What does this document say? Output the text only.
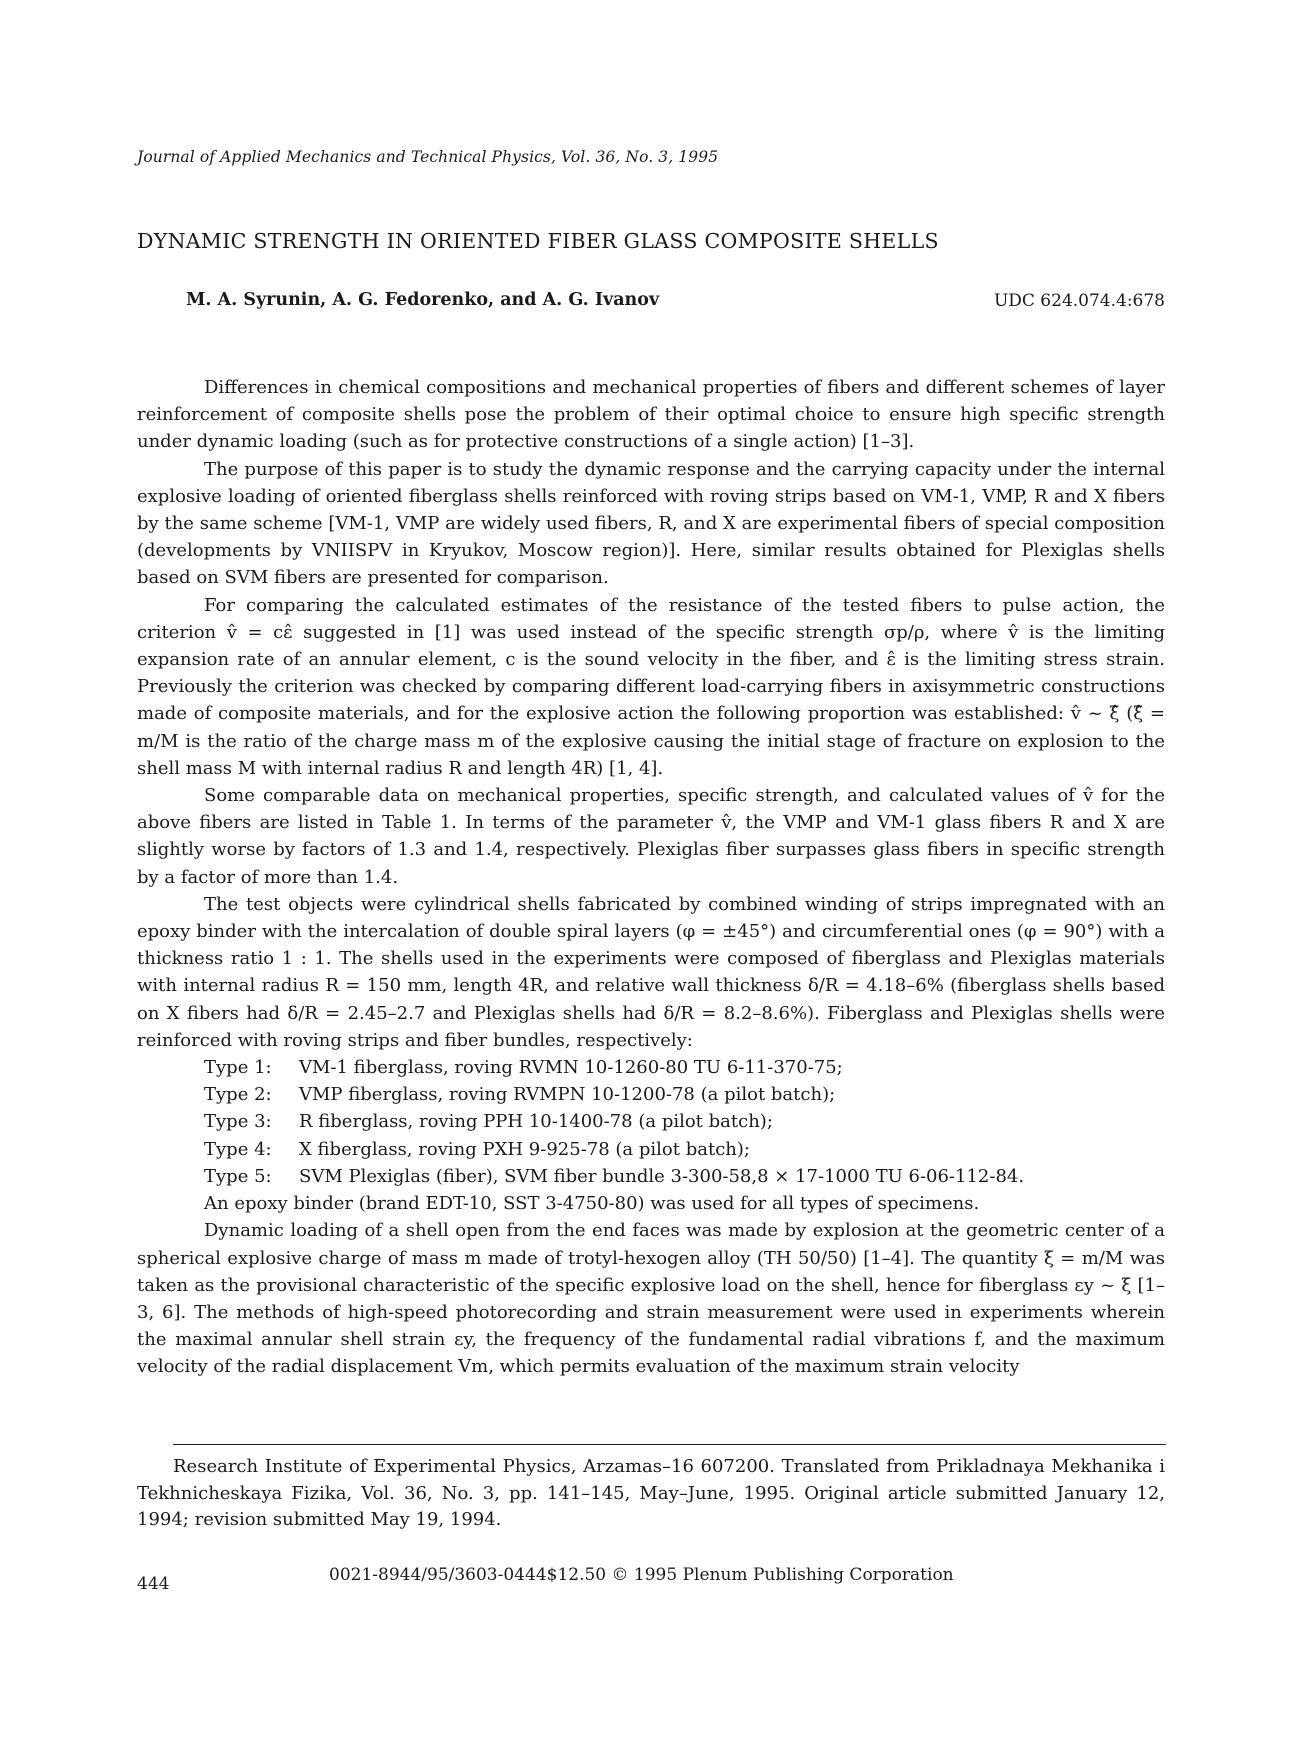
Journal of Applied Mechanics and Technical Physics, Vol. 36, No. 3, 1995
DYNAMIC STRENGTH IN ORIENTED FIBER GLASS COMPOSITE SHELLS
M. A. Syrunin, A. G. Fedorenko, and A. G. Ivanov	UDC 624.074.4:678

Differences in chemical compositions and mechanical properties of fibers and different schemes of layer reinforcement of composite shells pose the problem of their optimal choice to ensure high specific strength under dynamic loading (such as for protective constructions of a single action) [1–3].

The purpose of this paper is to study the dynamic response and the carrying capacity under the internal explosive loading of oriented fiberglass shells reinforced with roving strips based on VM-1, VMP, R and X fibers by the same scheme [VM-1, VMP are widely used fibers, R, and X are experimental fibers of special composition (developments by VNIISPV in Kryukov, Moscow region)]. Here, similar results obtained for Plexiglas shells based on SVM fibers are presented for comparison.

For comparing the calculated estimates of the resistance of the tested fibers to pulse action, the criterion v̂ = cε̂ suggested in [1] was used instead of the specific strength σp/ρ, where v̂ is the limiting expansion rate of an annular element, c is the sound velocity in the fiber, and ε̂ is the limiting stress strain. Previously the criterion was checked by comparing different load-carrying fibers in axisymmetric constructions made of composite materials, and for the explosive action the following proportion was established: v̂ ~ ξ̂ (ξ̂ = m/M is the ratio of the charge mass m of the explosive causing the initial stage of fracture on explosion to the shell mass M with internal radius R and length 4R) [1, 4].

Some comparable data on mechanical properties, specific strength, and calculated values of v̂ for the above fibers are listed in Table 1. In terms of the parameter v̂, the VMP and VM-1 glass fibers R and X are slightly worse by factors of 1.3 and 1.4, respectively. Plexiglas fiber surpasses glass fibers in specific strength by a factor of more than 1.4.

The test objects were cylindrical shells fabricated by combined winding of strips impregnated with an epoxy binder with the intercalation of double spiral layers (φ = ±45°) and circumferential ones (φ = 90°) with a thickness ratio 1 : 1. The shells used in the experiments were composed of fiberglass and Plexiglas materials with internal radius R = 150 mm, length 4R, and relative wall thickness δ/R = 4.18–6% (fiberglass shells based on X fibers had δ/R = 2.45–2.7 and Plexiglas shells had δ/R = 8.2–8.6%). Fiberglass and Plexiglas shells were reinforced with roving strips and fiber bundles, respectively:

Type 1:	VM-1 fiberglass, roving RVMN 10-1260-80 TU 6-11-370-75;
Type 2:	VMP fiberglass, roving RVMPN 10-1200-78 (a pilot batch);
Type 3:	R fiberglass, roving PPH 10-1400-78 (a pilot batch);
Type 4:	X fiberglass, roving PXH 9-925-78 (a pilot batch);
Type 5:	SVM Plexiglas (fiber), SVM fiber bundle 3-300-58,8 × 17-1000 TU 6-06-112-84.

An epoxy binder (brand EDT-10, SST 3-4750-80) was used for all types of specimens.

Dynamic loading of a shell open from the end faces was made by explosion at the geometric center of a spherical explosive charge of mass m made of trotyl-hexogen alloy (TH 50/50) [1–4]. The quantity ξ = m/M was taken as the provisional characteristic of the specific explosive load on the shell, hence for fiberglass εy ~ ξ [1–3, 6]. The methods of high-speed photorecording and strain measurement were used in experiments wherein the maximal annular shell strain εy, the frequency of the fundamental radial vibrations f, and the maximum velocity of the radial displacement Vm, which permits evaluation of the maximum strain velocity

Research Institute of Experimental Physics, Arzamas–16 607200. Translated from Prikladnaya Mekhanika i Tekhnicheskaya Fizika, Vol. 36, No. 3, pp. 141–145, May–June, 1995. Original article submitted January 12, 1994; revision submitted May 19, 1994.

444	0021-8944/95/3603-0444$12.50 © 1995 Plenum Publishing Corporation
